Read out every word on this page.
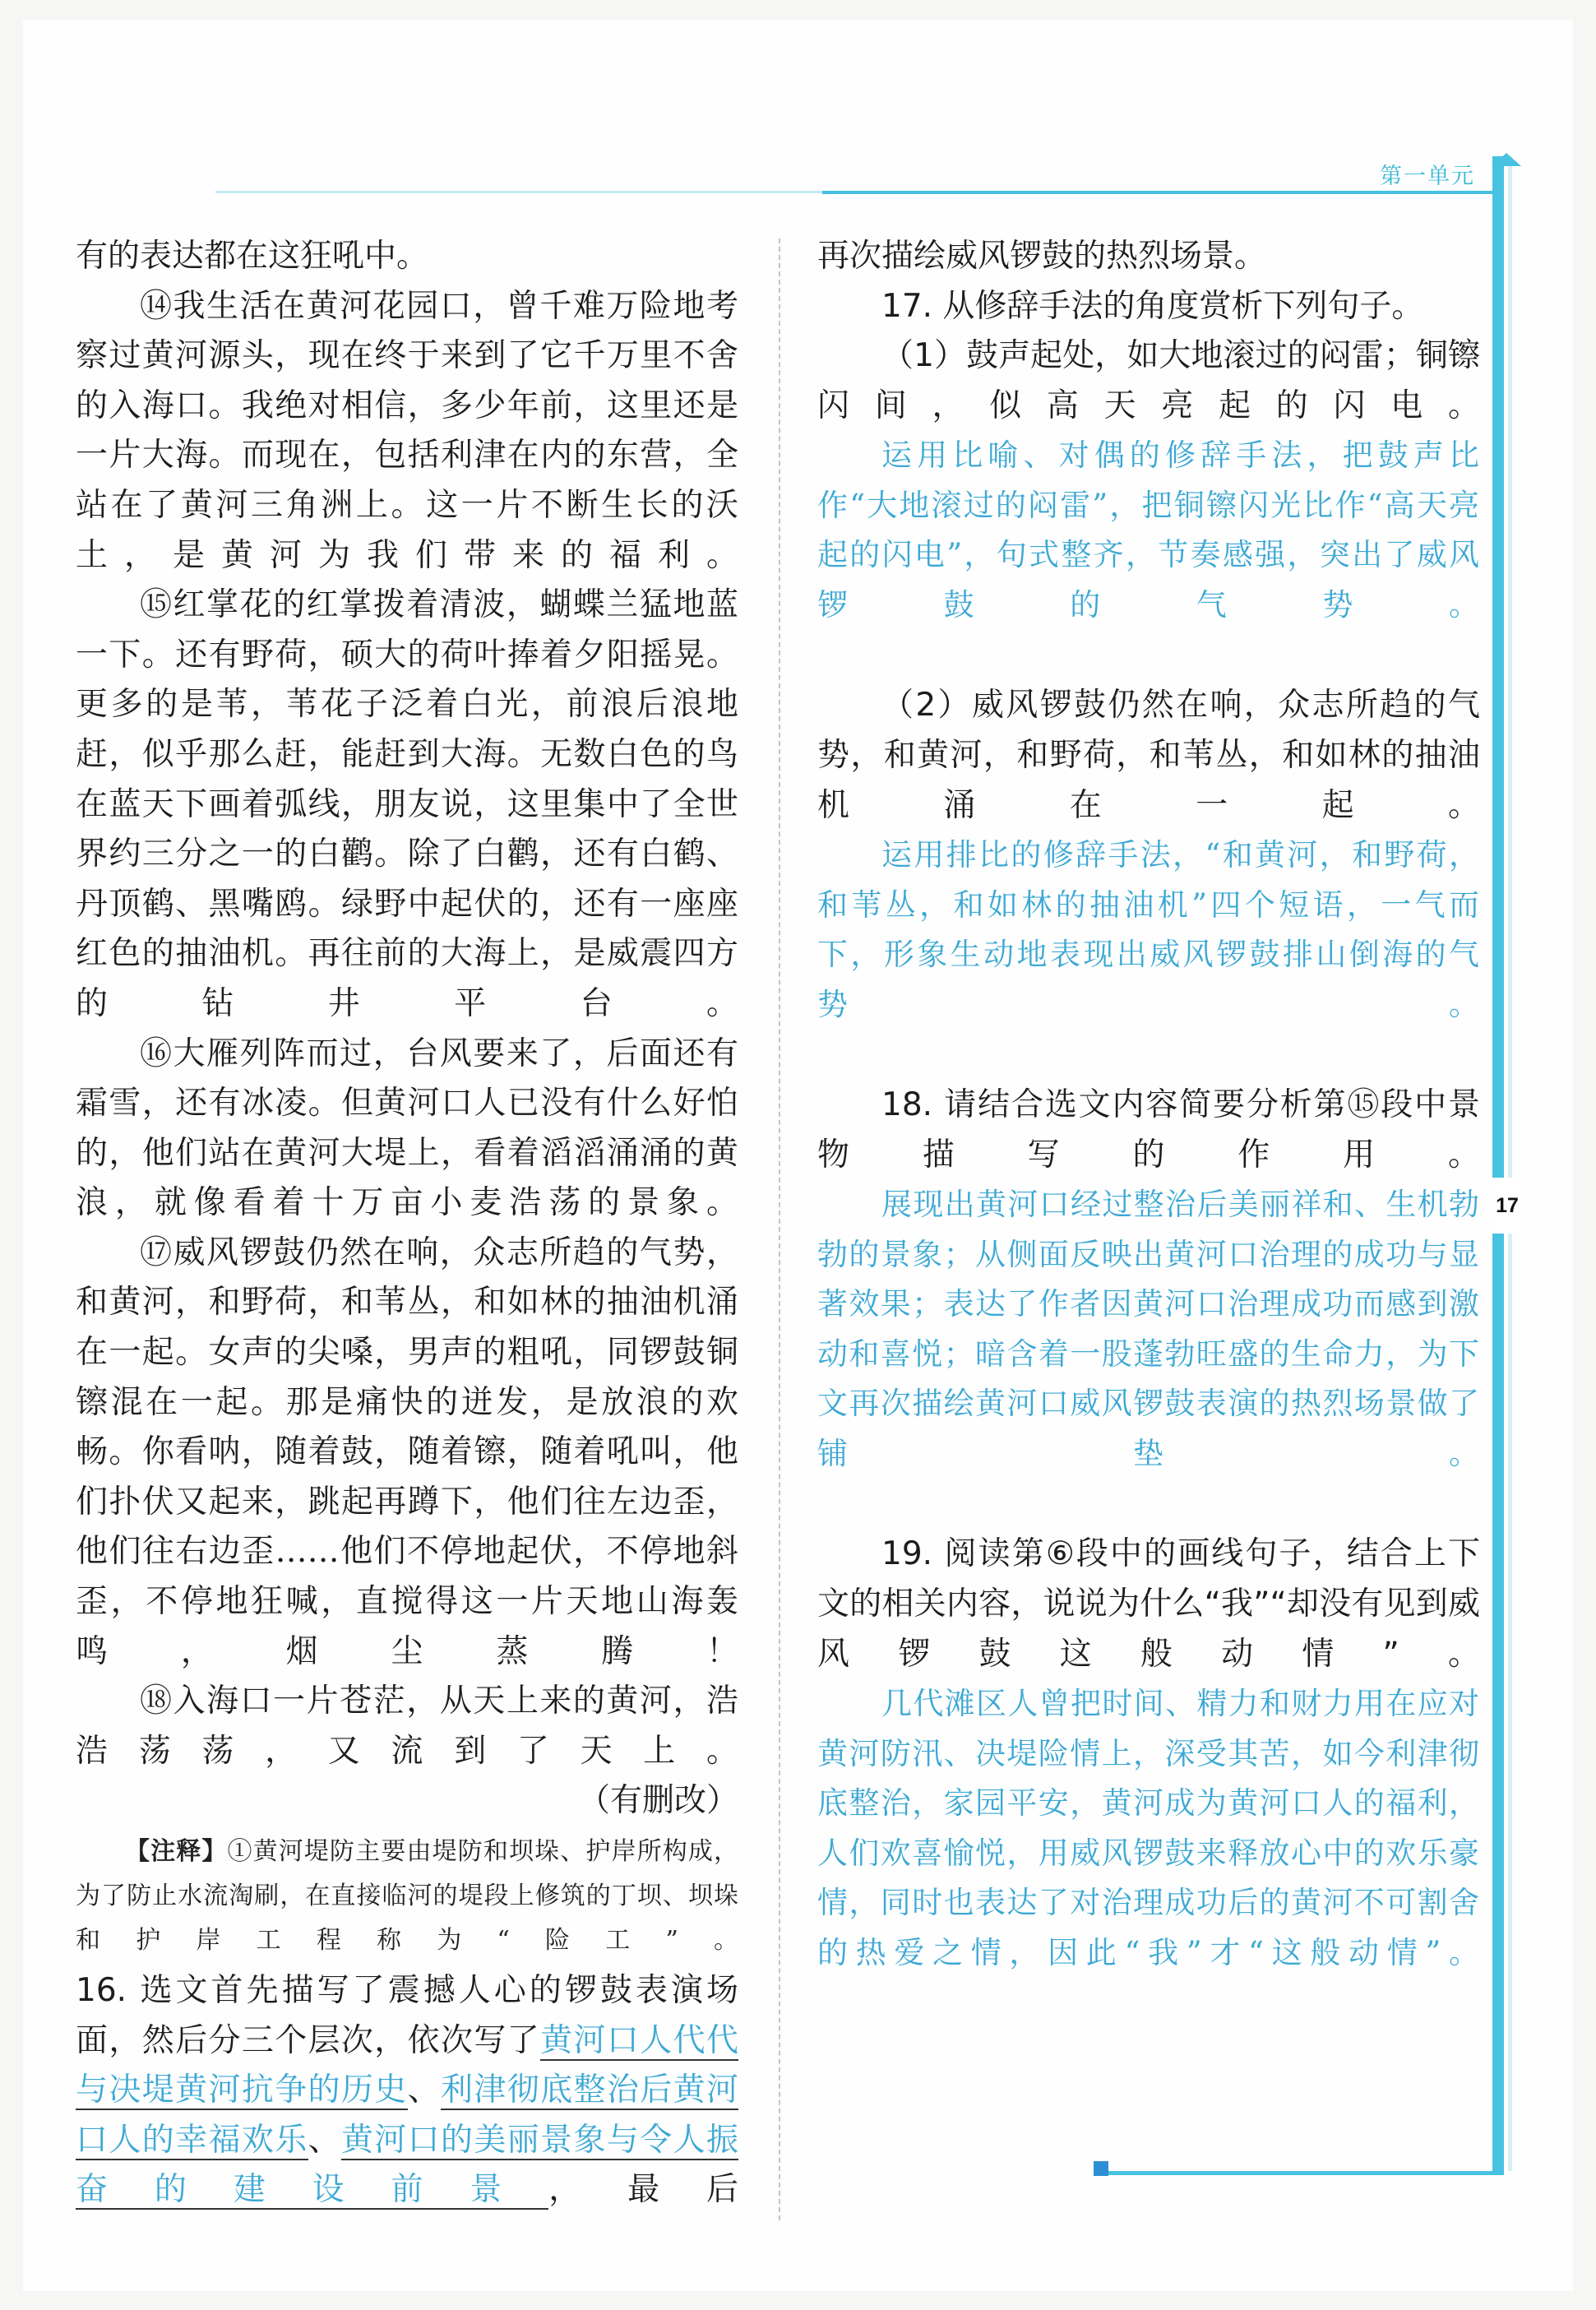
第一单元
17

有的表达都在这狂吼中。

⑭我生活在黄河花园口，曾千难万险地考察过黄河源头，现在终于来到了它千万里不舍的入海口。我绝对相信，多少年前，这里还是一片大海。而现在，包括利津在内的东营，全站在了黄河三角洲上。这一片不断生长的沃土，是黄河为我们带来的福利。

⑮红掌花的红掌拨着清波，蝴蝶兰猛地蓝一下。还有野荷，硕大的荷叶捧着夕阳摇晃。更多的是苇，苇花子泛着白光，前浪后浪地赶，似乎那么赶，能赶到大海。无数白色的鸟在蓝天下画着弧线，朋友说，这里集中了全世界约三分之一的白鹳。除了白鹳，还有白鹤、丹顶鹤、黑嘴鸥。绿野中起伏的，还有一座座红色的抽油机。再往前的大海上，是威震四方的钻井平台。

⑯大雁列阵而过，台风要来了，后面还有霜雪，还有冰凌。但黄河口人已没有什么好怕的，他们站在黄河大堤上，看着滔滔涌涌的黄浪，就像看着十万亩小麦浩荡的景象。

⑰威风锣鼓仍然在响，众志所趋的气势，和黄河，和野荷，和苇丛，和如林的抽油机涌在一起。女声的尖嗓，男声的粗吼，同锣鼓铜镲混在一起。那是痛快的迸发，是放浪的欢畅。你看呐，随着鼓，随着镲，随着吼叫，他们扑伏又起来，跳起再蹲下，他们往左边歪，他们往右边歪……他们不停地起伏，不停地斜歪，不停地狂喊，直搅得这一片天地山海轰鸣，烟尘蒸腾！

⑱入海口一片苍茫，从天上来的黄河，浩浩荡荡，又流到了天上。

（有删改）

【注释】①黄河堤防主要由堤防和坝垛、护岸所构成，为了防止水流淘刷，在直接临河的堤段上修筑的丁坝、坝垛和护岸工程称为“险工”。

16. 选文首先描写了震撼人心的锣鼓表演场面，然后分三个层次，依次写了黄河口人代代与决堤黄河抗争的历史、利津彻底整治后黄河口人的幸福欢乐、黄河口的美丽景象与令人振奋的建设前景，最后

再次描绘威风锣鼓的热烈场景。

17. 从修辞手法的角度赏析下列句子。

（1）鼓声起处，如大地滚过的闷雷；铜镲闪间，似高天亮起的闪电。

运用比喻、对偶的修辞手法，把鼓声比作“大地滚过的闷雷”，把铜镲闪光比作“高天亮起的闪电”，句式整齐，节奏感强，突出了威风锣鼓的气势。

（2）威风锣鼓仍然在响，众志所趋的气势，和黄河，和野荷，和苇丛，和如林的抽油机涌在一起。

运用排比的修辞手法，“和黄河，和野荷，和苇丛，和如林的抽油机”四个短语，一气而下，形象生动地表现出威风锣鼓排山倒海的气势。

18. 请结合选文内容简要分析第⑮段中景物描写的作用。

展现出黄河口经过整治后美丽祥和、生机勃勃的景象；从侧面反映出黄河口治理的成功与显著效果；表达了作者因黄河口治理成功而感到激动和喜悦；暗含着一股蓬勃旺盛的生命力，为下文再次描绘黄河口威风锣鼓表演的热烈场景做了铺垫。

19. 阅读第⑥段中的画线句子，结合上下文的相关内容，说说为什么“我”“却没有见到威风锣鼓这般动情”。

几代滩区人曾把时间、精力和财力用在应对黄河防汛、决堤险情上，深受其苦，如今利津彻底整治，家园平安，黄河成为黄河口人的福利，人们欢喜愉悦，用威风锣鼓来释放心中的欢乐豪情，同时也表达了对治理成功后的黄河不可割舍的热爱之情，因此“我”才“这般动情”。
